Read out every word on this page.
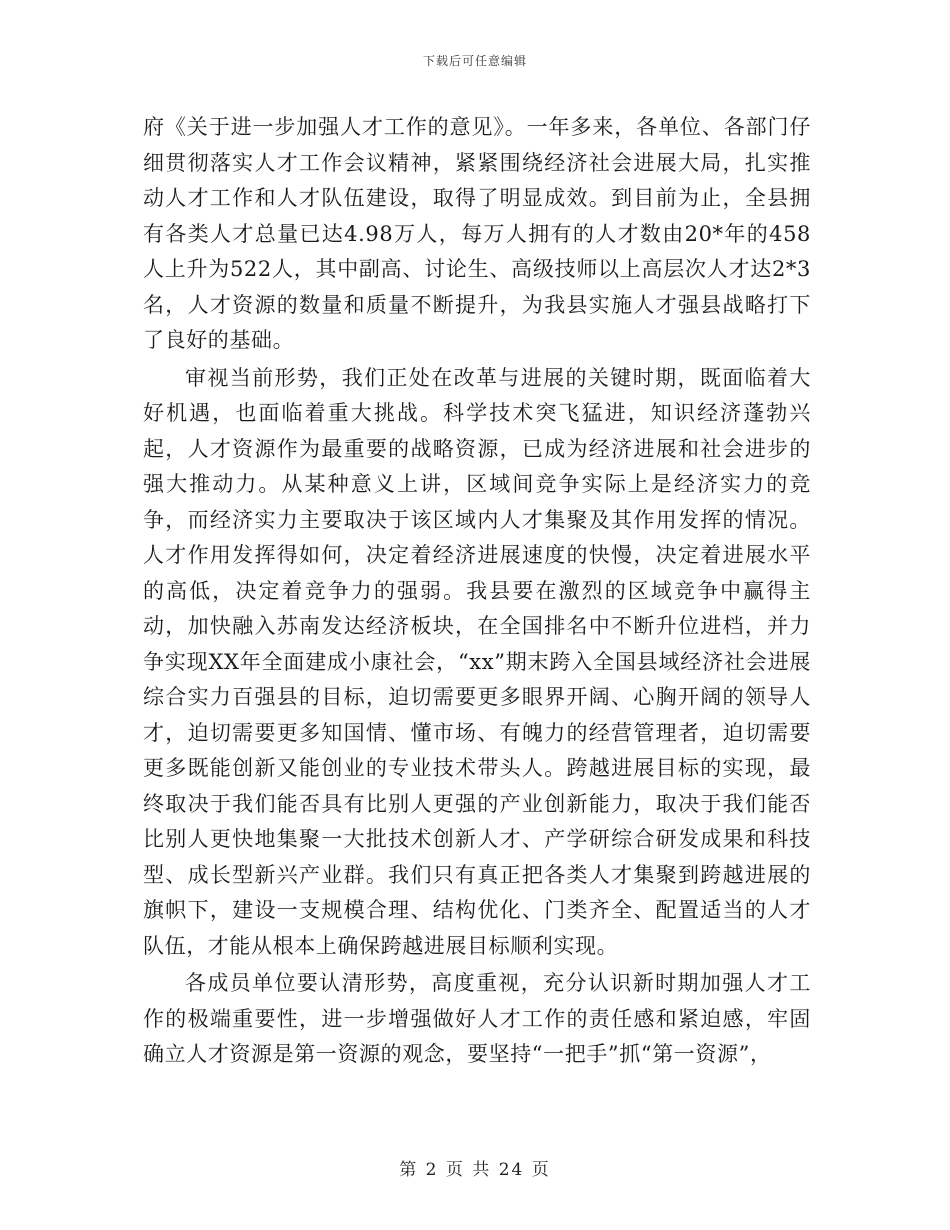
下载后可任意编辑

府《关于进一步加强人才工作的意见》。一年多来，各单位、各部门仔细贯彻落实人才工作会议精神，紧紧围绕经济社会进展大局，扎实推动人才工作和人才队伍建设，取得了明显成效。到目前为止，全县拥有各类人才总量已达4.98万人，每万人拥有的人才数由20*年的458人上升为522人，其中副高、讨论生、高级技师以上高层次人才达2*3名，人才资源的数量和质量不断提升，为我县实施人才强县战略打下了良好的基础。

审视当前形势，我们正处在改革与进展的关键时期，既面临着大好机遇，也面临着重大挑战。科学技术突飞猛进，知识经济蓬勃兴起，人才资源作为最重要的战略资源，已成为经济进展和社会进步的强大推动力。从某种意义上讲，区域间竞争实际上是经济实力的竞争，而经济实力主要取决于该区域内人才集聚及其作用发挥的情况。人才作用发挥得如何，决定着经济进展速度的快慢，决定着进展水平的高低，决定着竞争力的强弱。我县要在激烈的区域竞争中赢得主动，加快融入苏南发达经济板块，在全国排名中不断升位进档，并力争实现XX年全面建成小康社会，“xx”期末跨入全国县域经济社会进展综合实力百强县的目标，迫切需要更多眼界开阔、心胸开阔的领导人才，迫切需要更多知国情、懂市场、有魄力的经营管理者，迫切需要更多既能创新又能创业的专业技术带头人。跨越进展目标的实现，最终取决于我们能否具有比别人更强的产业创新能力，取决于我们能否比别人更快地集聚一大批技术创新人才、产学研综合研发成果和科技型、成长型新兴产业群。我们只有真正把各类人才集聚到跨越进展的旗帜下，建设一支规模合理、结构优化、门类齐全、配置适当的人才队伍，才能从根本上确保跨越进展目标顺利实现。

各成员单位要认清形势，高度重视，充分认识新时期加强人才工作的极端重要性，进一步增强做好人才工作的责任感和紧迫感，牢固确立人才资源是第一资源的观念，要坚持“一把手”抓“第一资源”，

第 2 页 共 24 页
